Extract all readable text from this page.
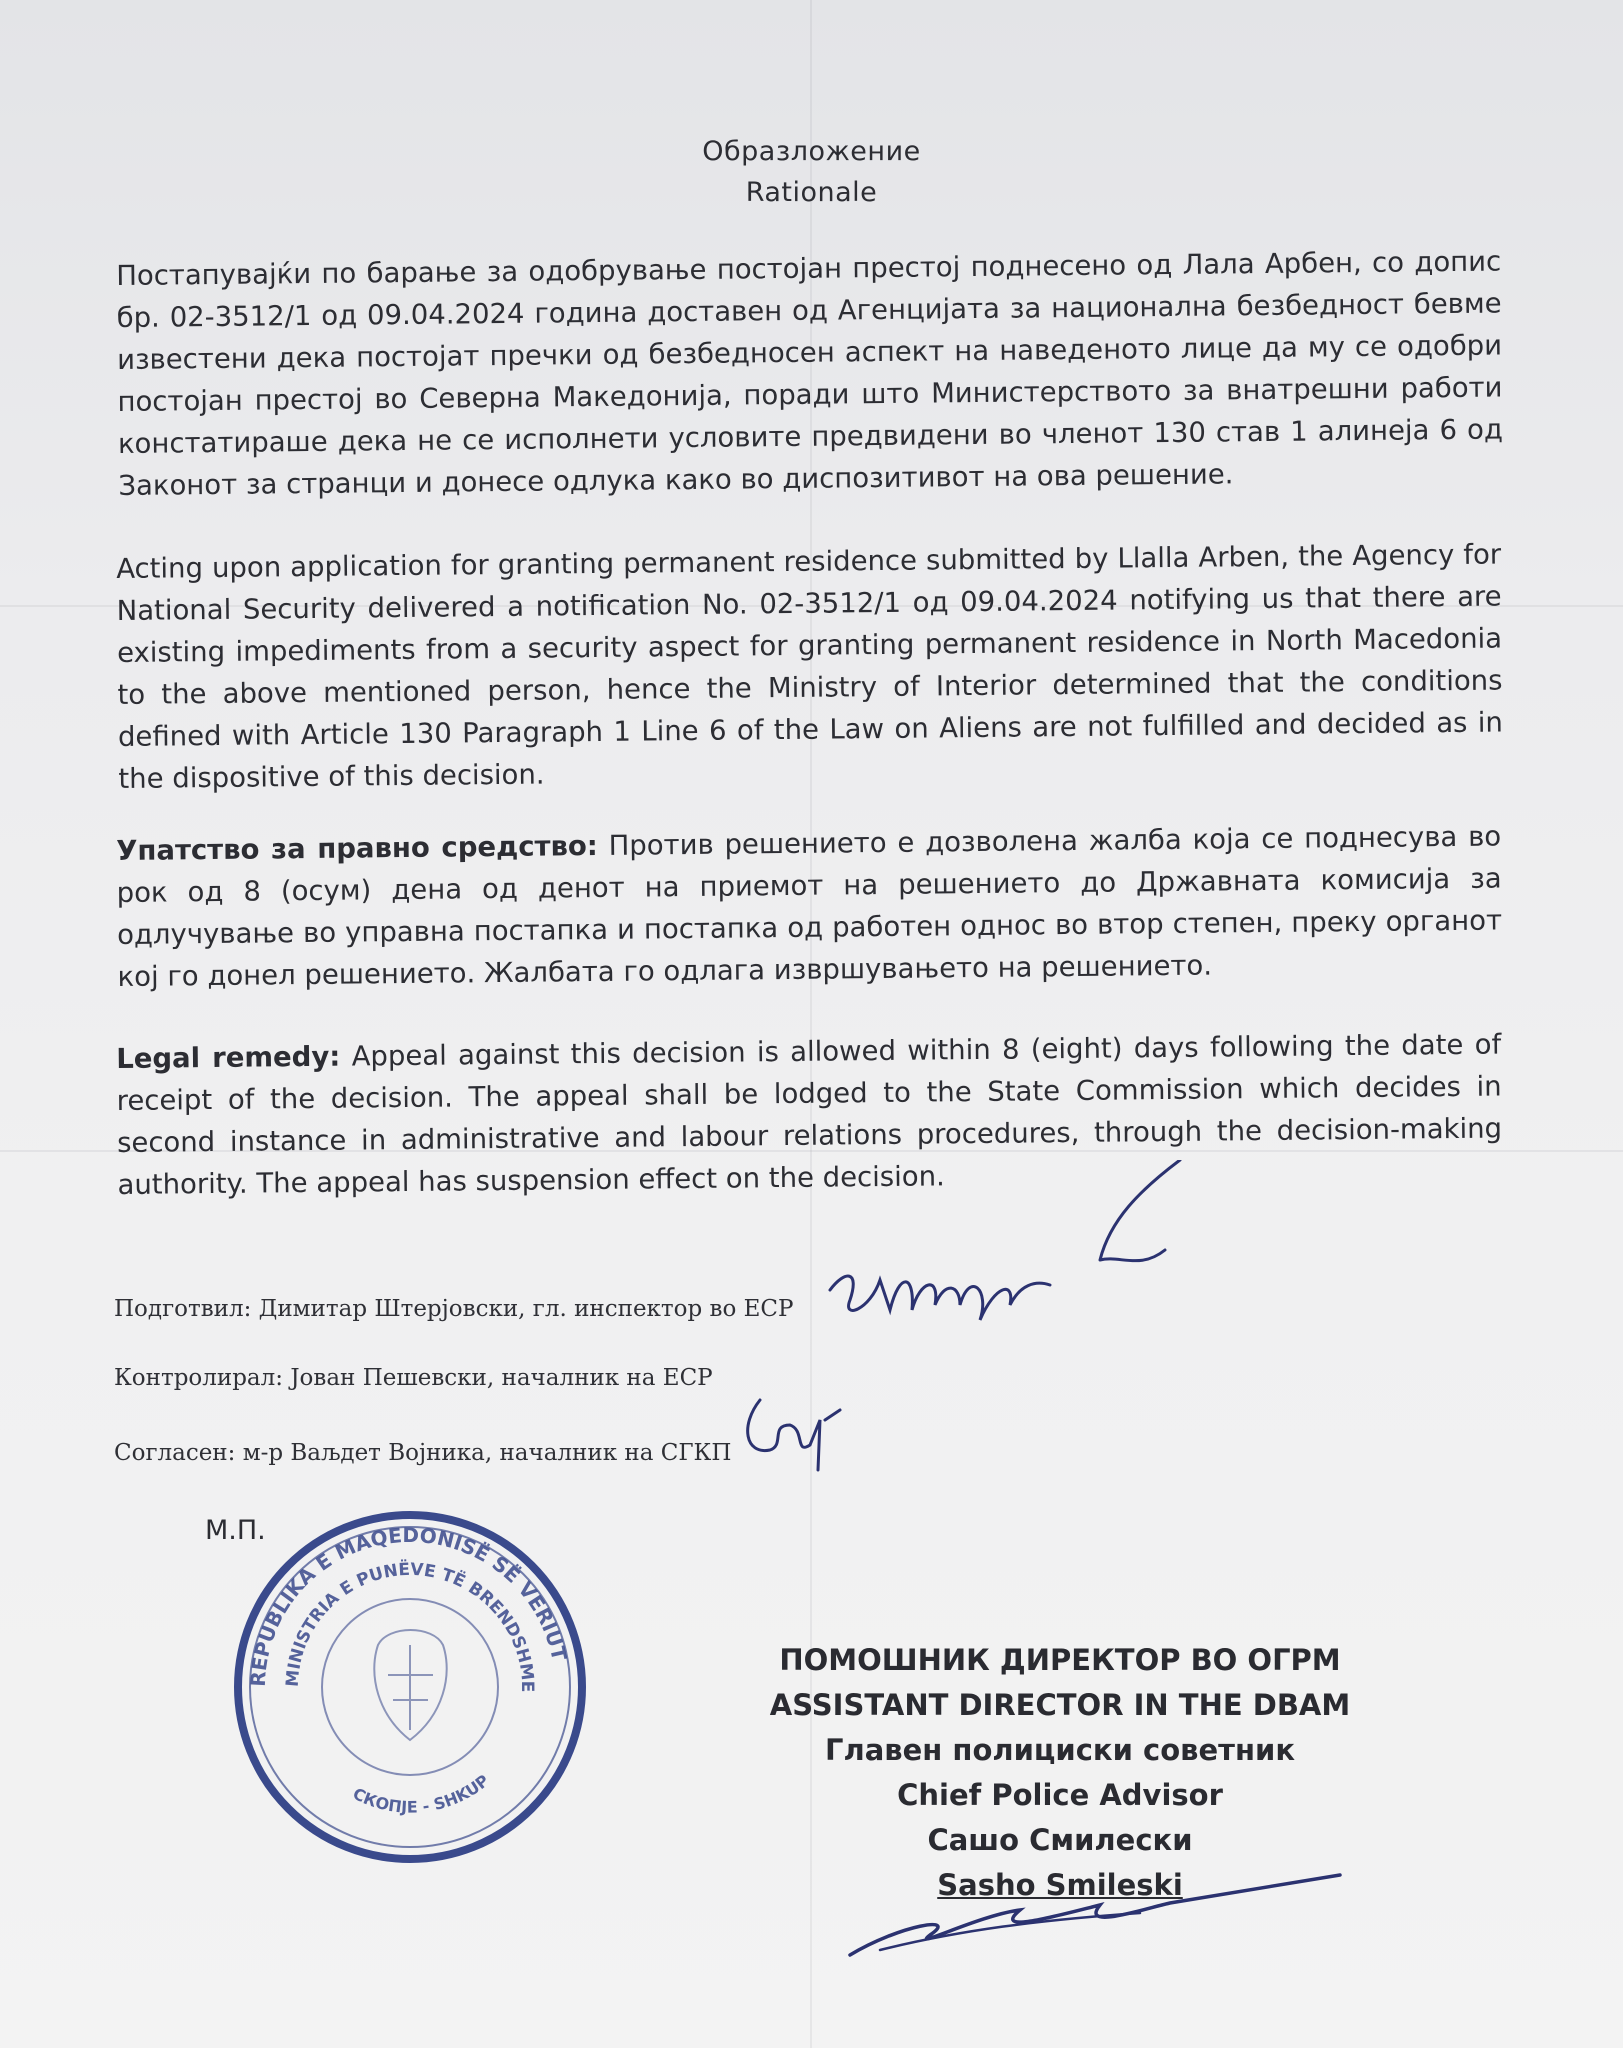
Образложение
Rationale
Постапувајќи по барање за одобрување постојан престој поднесено од Лала Арбен, со допис бр. 02-3512/1 од 09.04.2024 година доставен од Агенцијата за национална безбедност бевме известени дека постојат пречки од безбедносен аспект на наведеното лице да му се одобри постојан престој во Северна Македонија, поради што Министерството за внатрешни работи констатираше дека не се исполнети условите предвидени во членот 130 став 1 алинеја 6 од Законот за странци и донесе одлука како во диспозитивот на ова решение.
Acting upon application for granting permanent residence submitted by Llalla Arben, the Agency for National Security delivered a notification No. 02-3512/1 од 09.04.2024 notifying us that there are existing impediments from a security aspect for granting permanent residence in North Macedonia to the above mentioned person, hence the Ministry of Interior determined that the conditions defined with Article 130 Paragraph 1 Line 6 of the Law on Aliens are not fulfilled and decided as in the dispositive of this decision.
Упатство за правно средство: Против решението е дозволена жалба која се поднесува во рок од 8 (осум) дена од денот на приемот на решението до Државната комисија за одлучување во управна постапка и постапка од работен однос во втор степен, преку органот кој го донел решението. Жалбата го одлага извршувањето на решението.
Legal remedy: Appeal against this decision is allowed within 8 (eight) days following the date of receipt of the decision. The appeal shall be lodged to the State Commission which decides in second instance in administrative and labour relations procedures, through the decision-making authority. The appeal has suspension effect on the decision.
Подготвил: Димитар Штерјовски, гл. инспектор во ЕСР
Контролирал: Јован Пешевски, началник на ЕСР
Согласен: м-р Ваљдет Војника, началник на СГКП
М.П.
REPUBLIKA E MAQEDONISË SË VERIUT
MINISTRIA E PUNËVE TË BRENDSHME
СКОПЈЕ - SHKUP
ПОМОШНИК ДИРЕКТОР ВО ОГРМ
ASSISTANT DIRECTOR IN THE DBAM
Главен полициски советник
Chief Police Advisor
Сашо Смилески
Sasho Smileski
